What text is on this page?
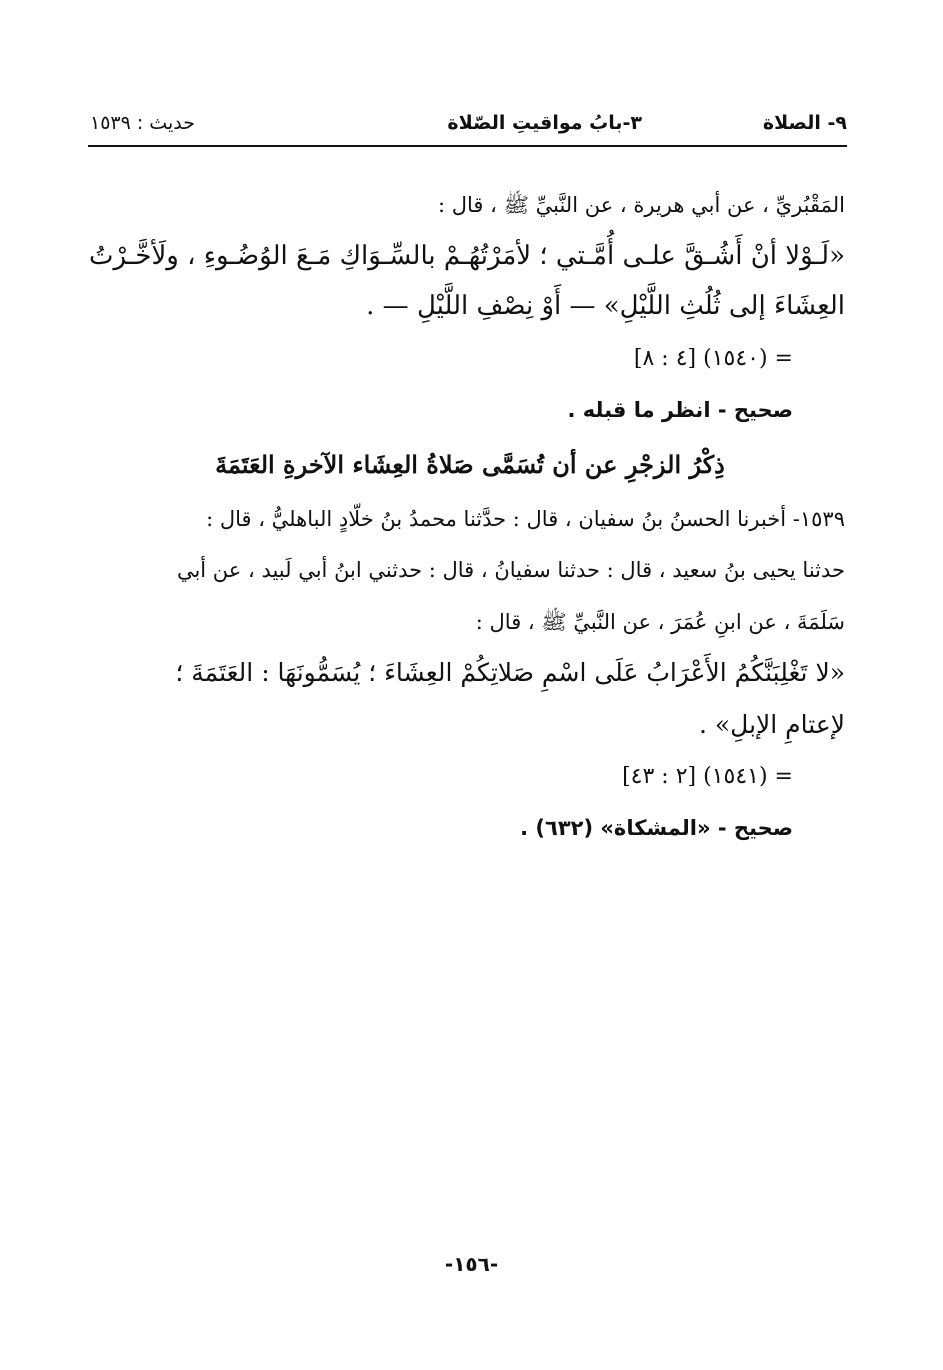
٩- الصلاة
٣-بابُ مواقيتِ الصّلاة
حديث : ١٥٣٩
المَقْبُريِّ ، عن أبي هريرة ، عن النَّبيِّ ﷺ ، قال :
«لَـوْلا أنْ أَشُـقَّ علـى أُمَّـتي ؛ لأمَرْتُهُـمْ بالسِّـوَاكِ مَـعَ الوُضُـوءِ ، ولَأخَّـرْتُ
العِشَاءَ إلى ثُلُثِ اللَّيْلِ» — أَوْ نِصْفِ اللَّيْلِ — .
= (١٥٤٠) [٤ : ٨]
صحيح - انظر ما قبله .
ذِكْرُ الزجْرِ عن أن تُسَمَّى صَلاةُ العِشَاء الآخرةِ العَتَمَةَ
١٥٣٩- أخبرنا الحسنُ بنُ سفيان ، قال : حدَّثنا محمدُ بنُ خلّادٍ الباهليُّ ، قال :
حدثنا يحيى بنُ سعيد ، قال : حدثنا سفيانُ ، قال : حدثني ابنُ أبي لَبيد ، عن أبي
سَلَمَةَ ، عن ابنِ عُمَرَ ، عن النَّبيِّ ﷺ ، قال :
«لا تَغْلِبَنَّكُمُ الأَعْرَابُ عَلَى اسْمِ صَلاتِكُمْ العِشَاءَ ؛ يُسَمُّونَهَا : العَتَمَةَ ؛
لإعتامِ الإبلِ» .
= (١٥٤١) [٢ : ٤٣]
صحيح - «المشكاة» (٦٣٢) .
-١٥٦-
